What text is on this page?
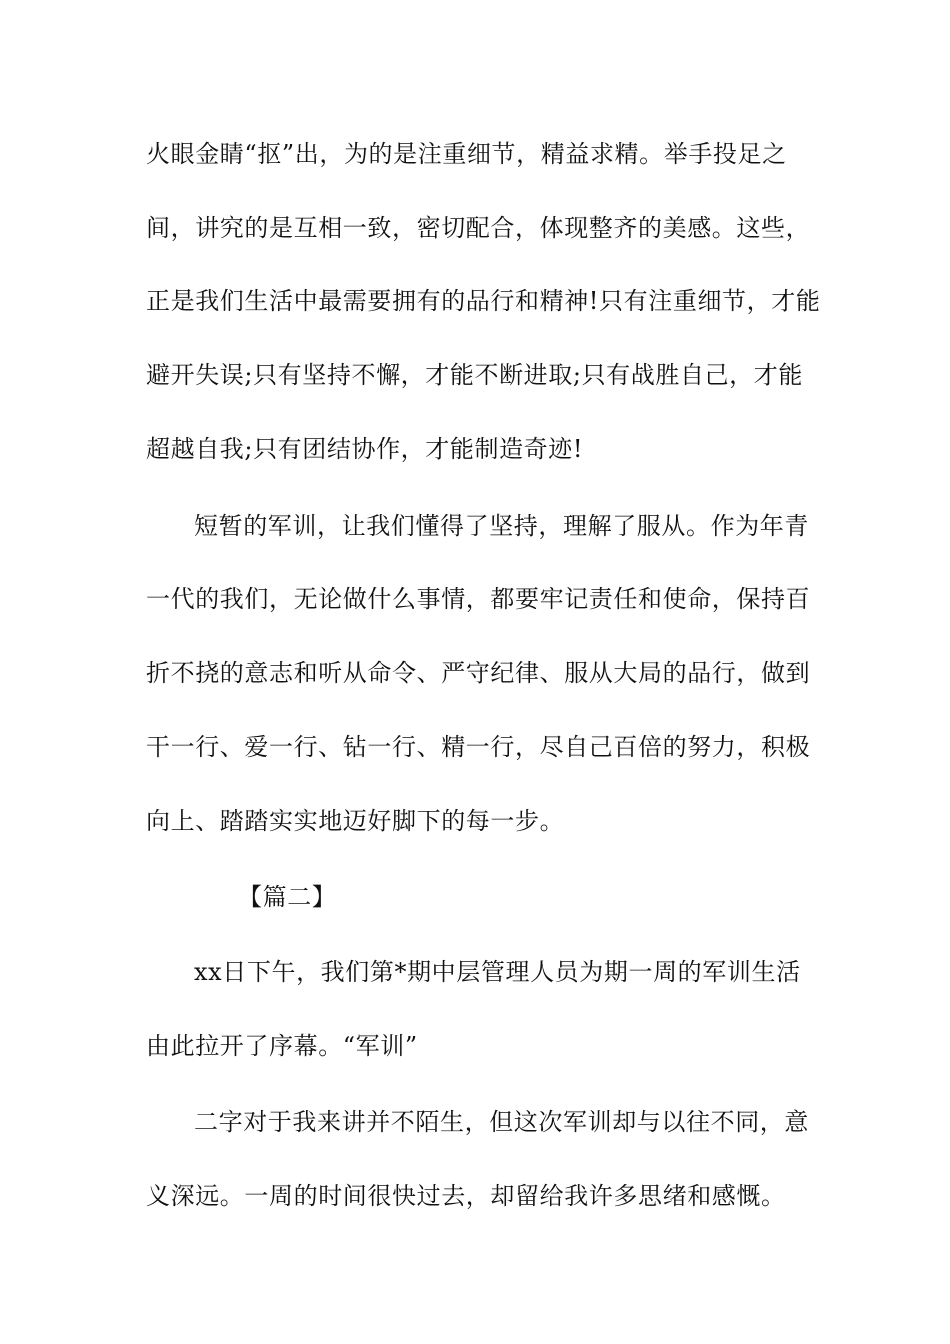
火眼金睛“抠”出，为的是注重细节，精益求精。举手投足之
间，讲究的是互相一致，密切配合，体现整齐的美感。这些，
正是我们生活中最需要拥有的品行和精神!只有注重细节，才能
避开失误;只有坚持不懈，才能不断进取;只有战胜自己，才能
超越自我;只有团结协作，才能制造奇迹!
短暂的军训，让我们懂得了坚持，理解了服从。作为年青
一代的我们，无论做什么事情，都要牢记责任和使命，保持百
折不挠的意志和听从命令、严守纪律、服从大局的品行，做到
干一行、爱一行、钻一行、精一行，尽自己百倍的努力，积极
向上、踏踏实实地迈好脚下的每一步。
【篇二】
xx日下午，我们第*期中层管理人员为期一周的军训生活
由此拉开了序幕。“军训”
二字对于我来讲并不陌生，但这次军训却与以往不同，意
义深远。一周的时间很快过去，却留给我许多思绪和感慨。
